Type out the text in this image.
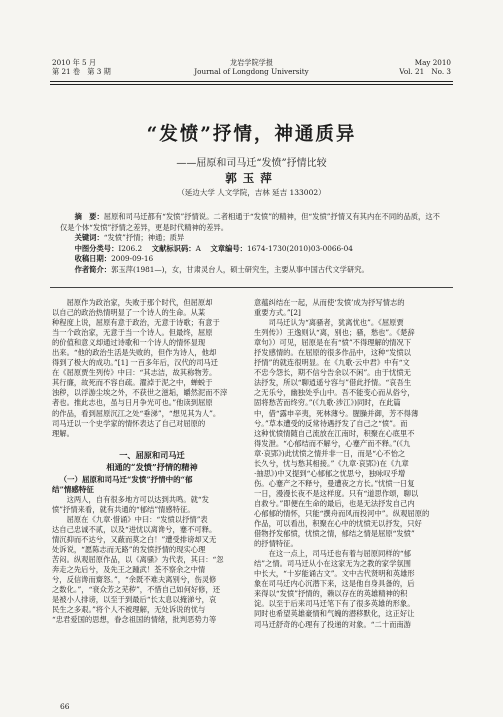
2010 年 5 月
第 21 卷　第 3 期
龙岩学院学报
Journal of Longdong University
May 2010
Vol. 21　No. 3
“发愤”抒情，神通质异
——屈原和司马迁“发愤”抒情比较
郭玉萍
（延边大学 人文学院，吉林 延吉 133002）
摘　要：屈原和司马迁都有“发愤”抒情说。二者相通于“发愤”的精神，但“发愤”抒情又有其内在不同的品质，这不仅是个体“发愤”抒情之差异，更是时代精神的差异。
关键词：“发愤”抒情；神通；质异
中图分类号：I206.2 文献标识码：A 文章编号：1674-1730(2010)03-0066-04
收稿日期：2009-09-16
作者简介：郭玉萍(1981—)，女，甘肃灵台人，硕士研究生，主要从事中国古代文学研究。
屈原作为政治家，失败于那个时代，但屈原却
以自己的政治热情明显了一个诗人的生命。从某
种程度上说，屈原有意于政治，无意于诗歌；有意于
当一个政治家，无意于当一个诗人。但最终，屈原
的价值和意义却通过诗歌和一个诗人的情怀显现
出来。“他的政治生活是失败的，但作为诗人，他却
得到了极大的成功。”[1] 一百多年后，汉代的司马迁
在《屈原贾生列传》中曰：“其志洁，故其称物芳。
其行廉，故死而不容自疏。濯淖于泥之中，蝉蜕于
浊秽，以浮游尘埃之外，不获世之滋垢，皭然泥而不滓
者也。推此志也，虽与日月争光可也。”他读到屈原
的作品，看到屈原沉江之处“垂涕”，“想见其为人”。
司马迁以一个史学家的情怀表达了自己对屈原的
理解。
一、屈原和司马迁
相通的“发愤”抒情的精神
（一）屈原和司马迁“发愤”抒情中的“郁
结”情感特征
这两人，自有很多地方可以达到共鸣。就“发
愤”抒情来看，就有共通的“郁结”情感特征。
屈原在《九章·惜诵》中曰：“发愤以抒情”表
达自己忠诚不贰，以及“进忧以离谗兮，蹇不可释。
情沉抑而不达兮，又蔽而莫之白！”遭受排谤却又无
处诉说，“愿陈志而无路”的发愤抒情的现实心理
苦闷。纵观屈原作品，以《离骚》为代表，其曰：“忽
奔走之先后兮，及先王之踵武！荃不察余之中情
兮，反信谗而齌怒。”，“余既不难夫离别兮，伤灵修
之数化。”，“衰众芳之芜秽”，不惜自己如何好修，还
是被小人排谤，以至于到最后“长太息以掩涕兮，哀
民生之多艰。”将个人不被理解，无处诉说的忧与
“忠君爱国的思想，眷念祖国的情绪，批判恶势力等
意蕴纠结在一起，从而使‘发愤’成为抒写情志的
重要方式。”[2]
司马迁认为“离骚者，犹离忧也”。《屈原贾
生列传》）王逸则认“离，别也；骚，愁也”。《楚辞
章句》）可见，屈原是在有“愤”不得理解的情况下
抒发感情的。在屈原的很多作品中，这种“发愤以
抒情”的就连很明显。在《九歌·云中君》中有“文
不忠今怨长，期不信兮告余以不闲”。由于忧愤无
法抒发，所以“聊逍遥兮容与”借此抒情。“哀吾生
之无乐兮，幽独处乎山中。吾不能变心而从俗兮，
固将愁苦而终穷。”(《九歌·涉江》)同时，在此篇
中，借“露申辛夷，死林薄兮。腥臊并御，芳不得薄
兮。”草本遭受的反常待遇抒发了自己之“愤”。而
这种忧愤情随自己流放在江南时，积聚在心底里不
得发泄。“心郁结而不解兮，心蹇产而不释。”(《九
章·哀郢》)此忧愤之情并非一日，而是“心不怡之
长久兮，忧与愁其相接。”《九章·哀郢》)在《九章
·抽思》)中又提到“心郁郁之忧思兮，独咏叹乎增
伤。心蹇产之不释兮，曼遭夜之方长。”忧愤一日复
一日，漫漫长夜不是这样度。只有“道思作颂，聊以
自救兮。”即便在生命的最后，也是无法抒发自己内
心郁郁的情怀，只能“撰舟而风而投河中”。纵观屈原的
作品，可以看出，积聚在心中的忧愤无以抒发，只好
借物抒发郁愤，忧愤之情，郁结之情是屈原“发愤”
的抒情特征。
在这一点上，司马迁也有着与屈原同样的“郁
结”之情。司马迁从小在这家无为之教的家学氛围
中长大，“十岁能诵古文”。文中古代贤明和英雄形
象在司马迁内心沉潜下来，这是他自身具备的，后
来得以“发愤”抒情的，赖以存在的英雄精神的积
淀。以至于后来司马迁笔下有了很多英雄的形象。
同时也希望英雄豪情和气魄的潜移默化，这正好让
司马迁舒奇的心理有了投递的对象。“二十而南游
66
